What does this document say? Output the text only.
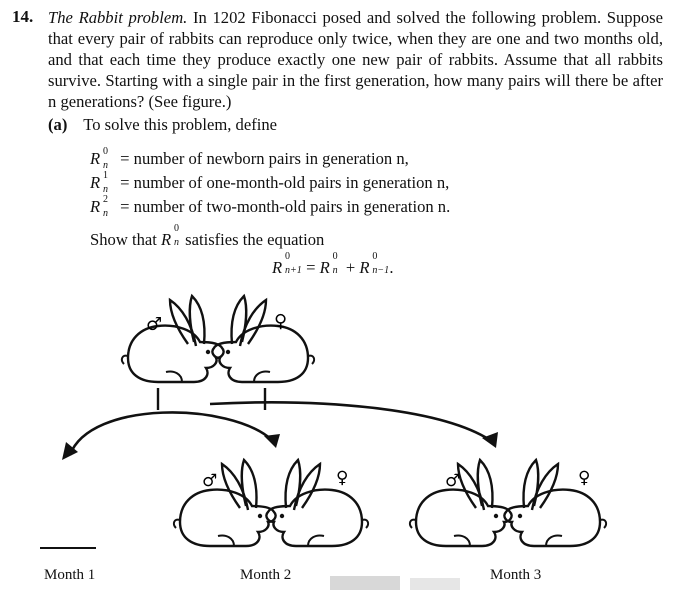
14. The Rabbit problem. In 1202 Fibonacci posed and solved the following problem. Suppose that every pair of rabbits can reproduce only twice, when they are one and two months old, and that each time they produce exactly one new pair of rabbits. Assume that all rabbits survive. Starting with a single pair in the first generation, how many pairs will there be after n generations? (See figure.)
(a) To solve this problem, define
R 0
n = number of newborn pairs in generation n,
R 1
n = number of one-month-old pairs in generation n,
R 2
n = number of two-month-old pairs in generation n.
Show that R
0
n satisfies the equation
R
0
n+1 = R
0
n + R
0
n−1 .
♂	♀
♂	♀	♂	♀
Month 1	Month 2	Month 3
